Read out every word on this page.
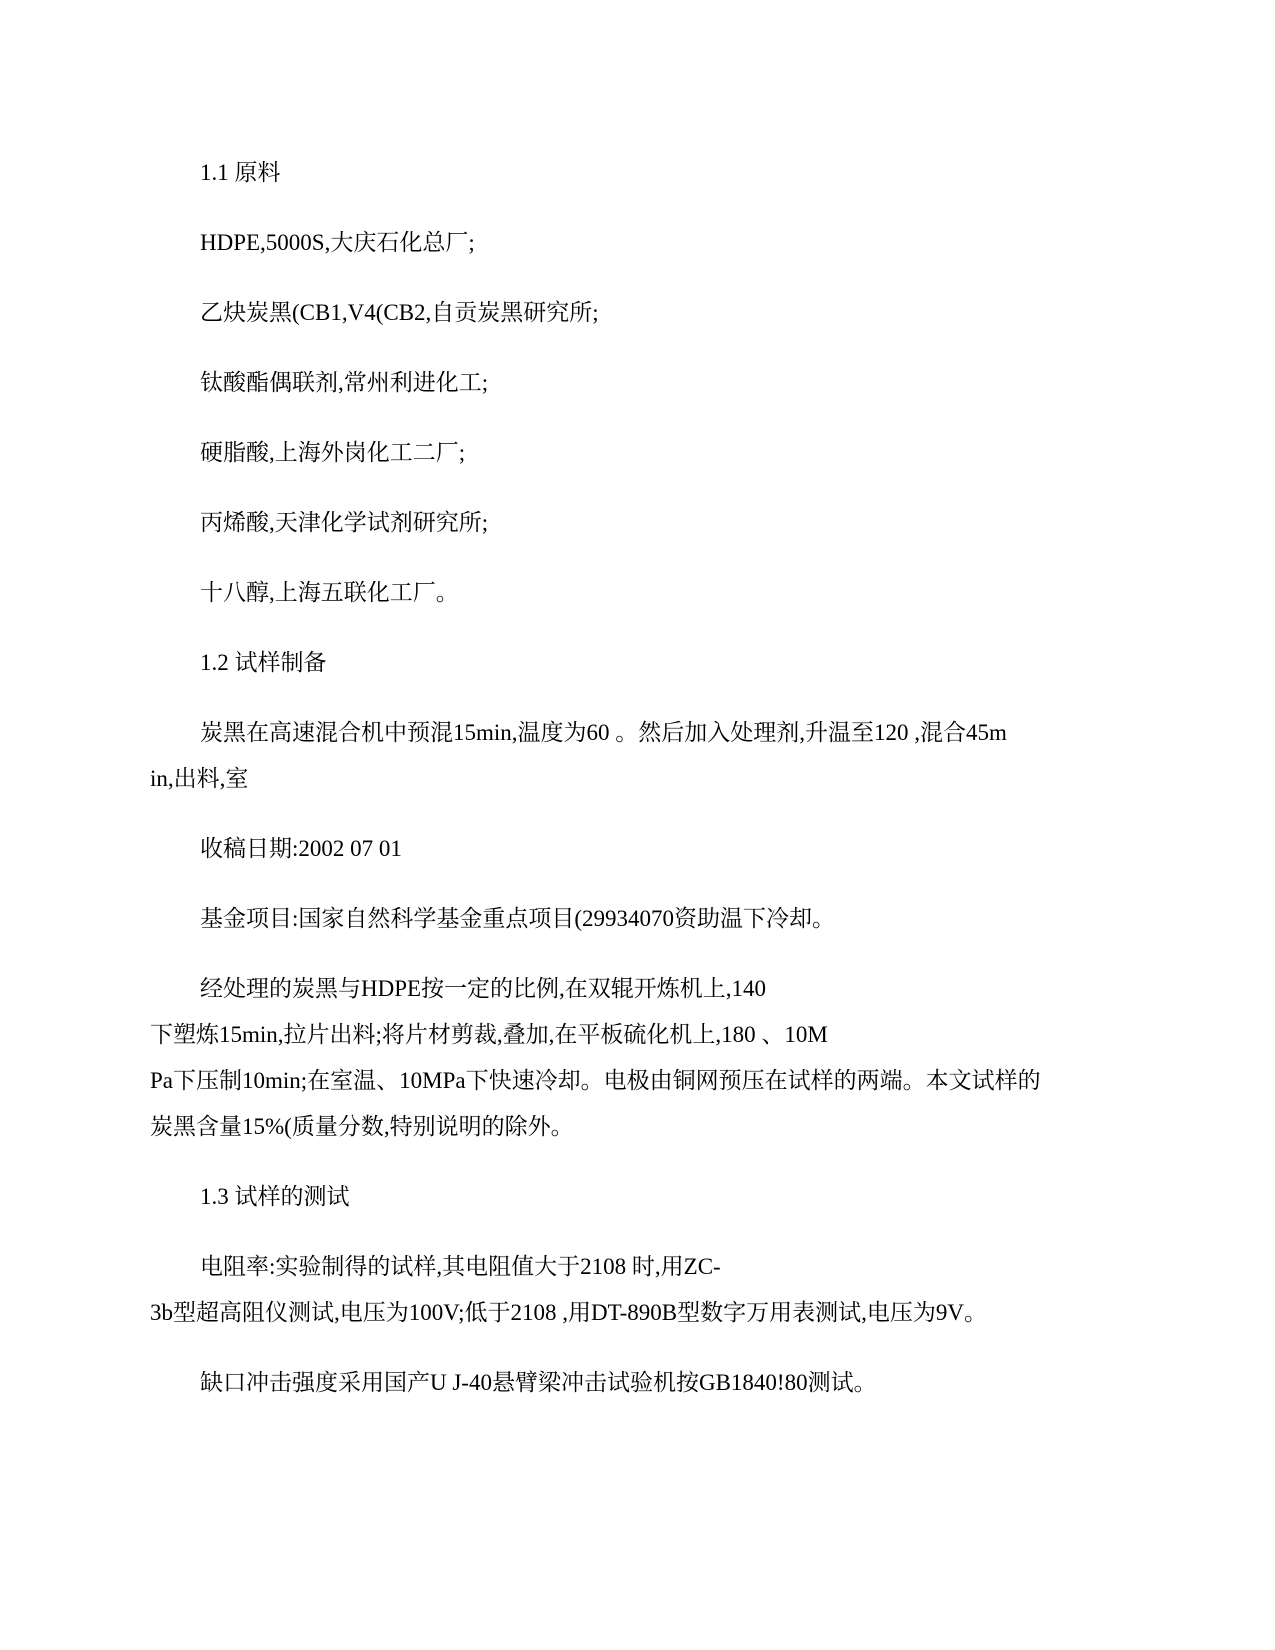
1.1 原料
HDPE,5000S,大庆石化总厂;
乙炔炭黑(CB1,V4(CB2,自贡炭黑研究所;
钛酸酯偶联剂,常州利进化工;
硬脂酸,上海外岗化工二厂;
丙烯酸,天津化学试剂研究所;
十八醇,上海五联化工厂。
1.2 试样制备
炭黑在高速混合机中预混15min,温度为60 。然后加入处理剂,升温至120 ,混合45m
in,出料,室
收稿日期:2002 07 01
基金项目:国家自然科学基金重点项目(29934070资助温下冷却。
经处理的炭黑与HDPE按一定的比例,在双辊开炼机上,140
下塑炼15min,拉片出料;将片材剪裁,叠加,在平板硫化机上,180 、10M
Pa下压制10min;在室温、10MPa下快速冷却。电极由铜网预压在试样的两端。本文试样的
炭黑含量15%(质量分数,特别说明的除外。
1.3 试样的测试
电阻率:实验制得的试样,其电阻值大于2108 时,用ZC-
3b型超高阻仪测试,电压为100V;低于2108 ,用DT-890B型数字万用表测试,电压为9V。
缺口冲击强度采用国产U J-40悬臂梁冲击试验机按GB1840!80测试。
